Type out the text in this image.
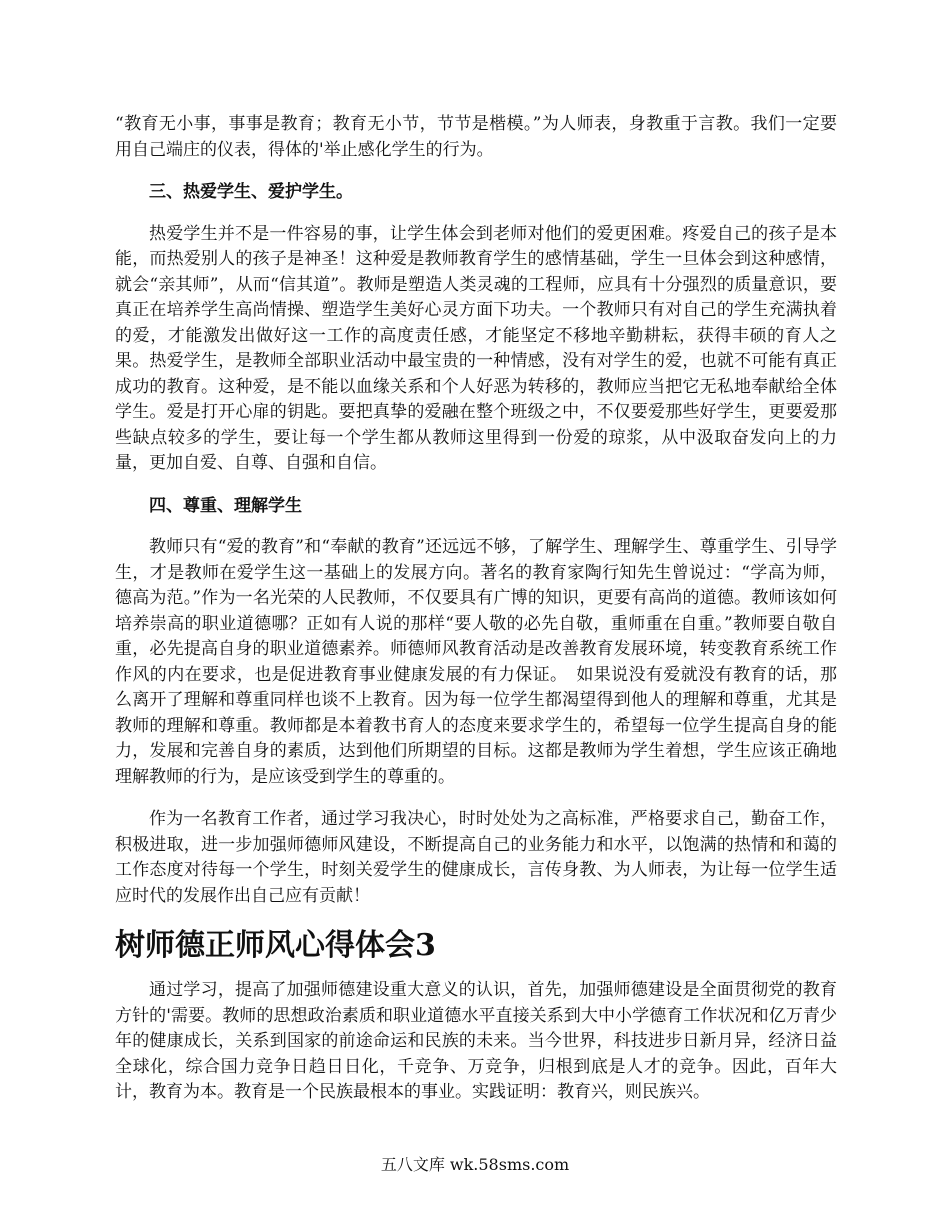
“教育无小事，事事是教育；教育无小节，节节是楷模。”为人师表，身教重于言教。我们一定要用自己端庄的仪表，得体的'举止感化学生的行为。

三、热爱学生、爱护学生。

热爱学生并不是一件容易的事，让学生体会到老师对他们的爱更困难。疼爱自己的孩子是本能，而热爱别人的孩子是神圣！这种爱是教师教育学生的感情基础，学生一旦体会到这种感情，就会“亲其师”，从而“信其道”。教师是塑造人类灵魂的工程师，应具有十分强烈的质量意识，要真正在培养学生高尚情操、塑造学生美好心灵方面下功夫。一个教师只有对自己的学生充满执着的爱，才能激发出做好这一工作的高度责任感，才能坚定不移地辛勤耕耘，获得丰硕的育人之果。热爱学生，是教师全部职业活动中最宝贵的一种情感，没有对学生的爱，也就不可能有真正成功的教育。这种爱，是不能以血缘关系和个人好恶为转移的，教师应当把它无私地奉献给全体学生。爱是打开心扉的钥匙。要把真挚的爱融在整个班级之中，不仅要爱那些好学生，更要爱那些缺点较多的学生，要让每一个学生都从教师这里得到一份爱的琼浆，从中汲取奋发向上的力量，更加自爱、自尊、自强和自信。

四、尊重、理解学生

教师只有“爱的教育”和“奉献的教育”还远远不够，了解学生、理解学生、尊重学生、引导学生，才是教师在爱学生这一基础上的发展方向。著名的教育家陶行知先生曾说过：“学高为师，德高为范。”作为一名光荣的人民教师，不仅要具有广博的知识，更要有高尚的道德。教师该如何培养崇高的职业道德哪？正如有人说的那样“要人敬的必先自敬，重师重在自重。”教师要自敬自重，必先提高自身的职业道德素养。师德师风教育活动是改善教育发展环境，转变教育系统工作作风的内在要求，也是促进教育事业健康发展的有力保证。　如果说没有爱就没有教育的话，那么离开了理解和尊重同样也谈不上教育。因为每一位学生都渴望得到他人的理解和尊重，尤其是教师的理解和尊重。教师都是本着教书育人的态度来要求学生的，希望每一位学生提高自身的能力，发展和完善自身的素质，达到他们所期望的目标。这都是教师为学生着想，学生应该正确地理解教师的行为，是应该受到学生的尊重的。

作为一名教育工作者，通过学习我决心，时时处处为之高标准，严格要求自己，勤奋工作，积极进取，进一步加强师德师风建设，不断提高自己的业务能力和水平，以饱满的热情和和蔼的工作态度对待每一个学生，时刻关爱学生的健康成长，言传身教、为人师表，为让每一位学生适应时代的发展作出自己应有贡献！

树师德正师风心得体会3

通过学习，提高了加强师德建设重大意义的认识，首先，加强师德建设是全面贯彻党的教育方针的'需要。教师的思想政治素质和职业道德水平直接关系到大中小学德育工作状况和亿万青少年的健康成长，关系到国家的前途命运和民族的未来。当今世界，科技进步日新月异，经济日益全球化，综合国力竞争日趋日日化，千竞争、万竞争，归根到底是人才的竞争。因此，百年大计，教育为本。教育是一个民族最根本的事业。实践证明：教育兴，则民族兴。

五八文库 wk.58sms.com
